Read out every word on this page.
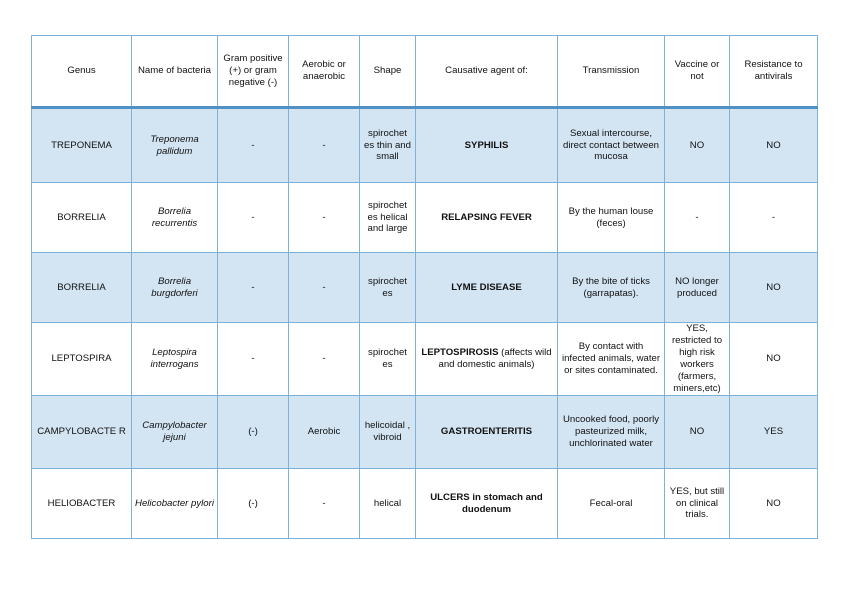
Genus	Name of bacteria	Gram positive (+) or gram negative (-)	Aerobic or anaerobic	Shape	Causative agent of:	Transmission	Vaccine or not	Resistance to antivirals
TREPONEMA	Treponema pallidum	-	-	spirochet es thin and small	SYPHILIS	Sexual intercourse, direct contact between mucosa	NO	NO
BORRELIA	Borrelia recurrentis	-	-	spirochet es helical and large	RELAPSING FEVER	By the human louse (feces)	-	-
BORRELIA	Borrelia burgdorferi	-	-	spirochet es	LYME DISEASE	By the bite of ticks (garrapatas).	NO longer produced	NO
LEPTOSPIRA	Leptospira interrogans	-	-	spirochet es	LEPTOSPIROSIS (affects wild and domestic animals)	By contact with infected animals, water or sites contaminated.	YES, restricted to high risk workers (farmers, miners,etc)	NO
CAMPYLOBACTE R	Campylobacter jejuni	(-)	Aerobic	helicoidal , vibroid	GASTROENTERITIS	Uncooked food, poorly pasteurized milk, unchlorinated water	NO	YES
HELIOBACTER	Helicobacter pylori	(-)	-	helical	ULCERS in stomach and duodenum	Fecal-oral	YES, but still on clinical trials.	NO
